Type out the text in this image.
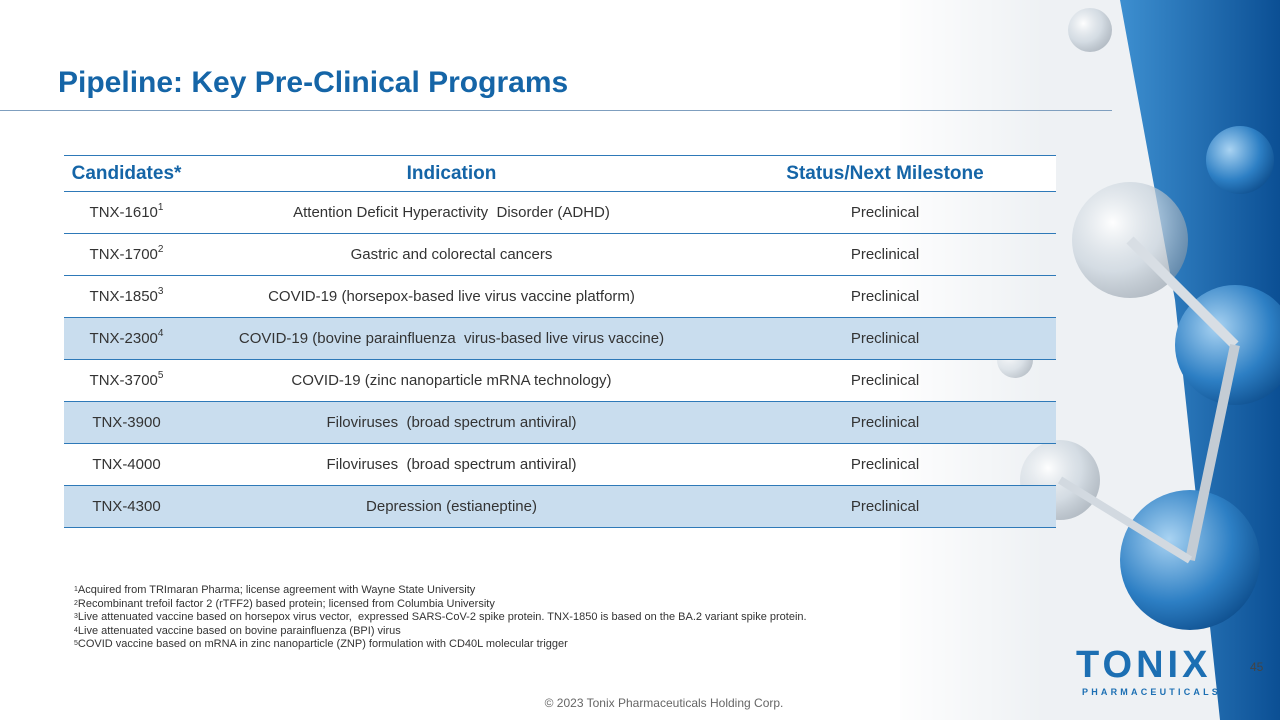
Pipeline: Key Pre-Clinical Programs
Candidates*	Indication	Status/Next Milestone
TNX-1610$^1$	Attention Deficit Hyperactivity  Disorder (ADHD)	Preclinical
TNX-1700$^2$	Gastric and colorectal cancers	Preclinical
TNX-1850$^3$	COVID-19 (horsepox-based live virus vaccine platform)	Preclinical
TNX-2300$^4$	COVID-19 (bovine parainfluenza  virus-based live virus vaccine)	Preclinical
TNX-3700$^5$	COVID-19 (zinc nanoparticle mRNA technology)	Preclinical
TNX-3900	Filoviruses  (broad spectrum antiviral)	Preclinical
TNX-4000	Filoviruses  (broad spectrum antiviral)	Preclinical
TNX-4300	Depression (estianeptine)	Preclinical
$^1$Acquired from TRImaran Pharma; license agreement with Wayne State University
$^2$Recombinant trefoil factor 2 (rTFF2) based protein; licensed from Columbia University
$^3$Live attenuated vaccine based on horsepox virus vector,  expressed SARS-CoV-2 spike protein. TNX-1850 is based on the BA.2 variant spike protein.
$^4$Live attenuated vaccine based on bovine parainfluenza (BPI) virus
$^5$COVID vaccine based on mRNA in zinc nanoparticle (ZNP) formulation with CD40L molecular trigger
© 2023 Tonix Pharmaceuticals Holding Corp.
45
TONIX
PHARMACEUTICALS
